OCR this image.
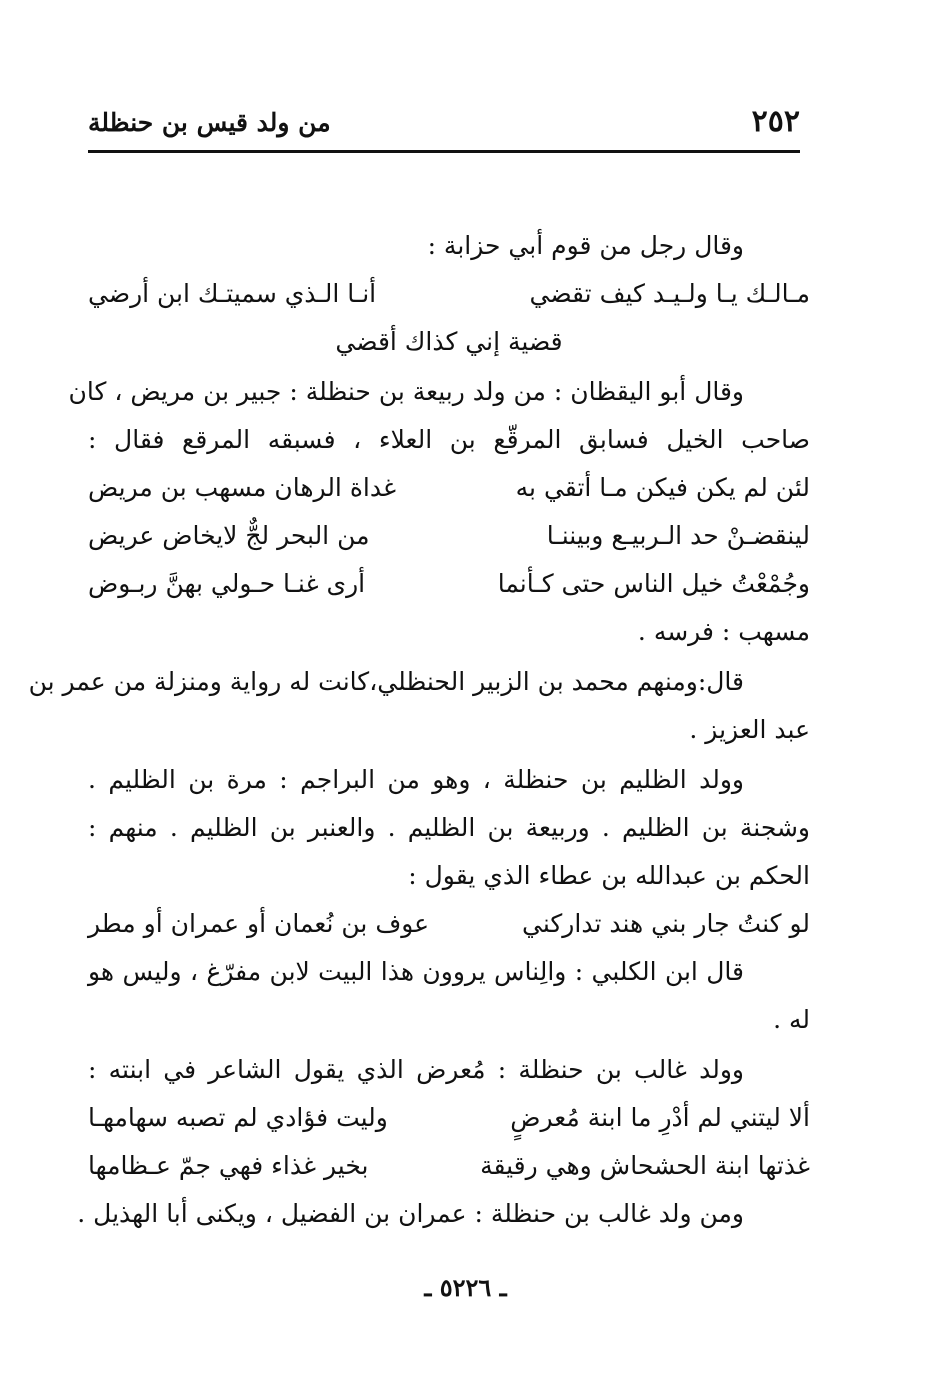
٢٥٢
من ولد قيس بن حنظلة
وقال رجل من قوم أبي حزابة :
مـالـك يـا ولـيـد كيف تقضي
أنـا الـذي سميتـك ابن أرضي
قضية إني كذاك أقضي
وقال أبو اليقظان : من ولد ربيعة بن حنظلة : جبير بن مريض ، كان
صاحب الخيل فسابق المرقّع بن العلاء ، فسبقه المرقع فقال :
لئن لم يكن فيكن مـا أتقي به
غداة الرهان مسهب بن مريض
لينقضـنْ حد الـربيـع وبيننـا
من البحر لجٌّ لايخاض عريض
وجُمْعْتُ خيل الناس حتى كـأنما
أرى غنـا حـولي بهنَّ ربـوض
مسهب : فرسه .
قال:ومنهم محمد بن الزبير الحنظلي،كانت له رواية ومنزلة من عمر بن
عبد العزيز .
وولد الظليم بن حنظلة ، وهو من البراجم : مرة بن الظليم .
وشجنة بن الظليم . وربيعة بن الظليم . والعنبر بن الظليم . منهم :
الحكم بن عبدالله بن عطاء الذي يقول :
لو كنتُ جار بني هند تداركني
عوف بن نُعمان أو عمران أو مطر
قال ابن الكلبي : والِناس يروون هذا البيت لابن مفرّغ ، وليس هو
له .
وولد غالب بن حنظلة : مُعرض الذي يقول الشاعر في ابنته :
ألا ليتني لم أدْرِ ما ابنة مُعرضٍ
وليت فؤادي لم تصبه سهامهـا
غذتها ابنة الحشحاش وهي رقيقة
بخير غذاء فهي جمّ عـظامها
ومن ولد غالب بن حنظلة : عمران بن الفضيل ، ويكنى أبا الهذيل .
ـ ٥٢٢٦ ـ
